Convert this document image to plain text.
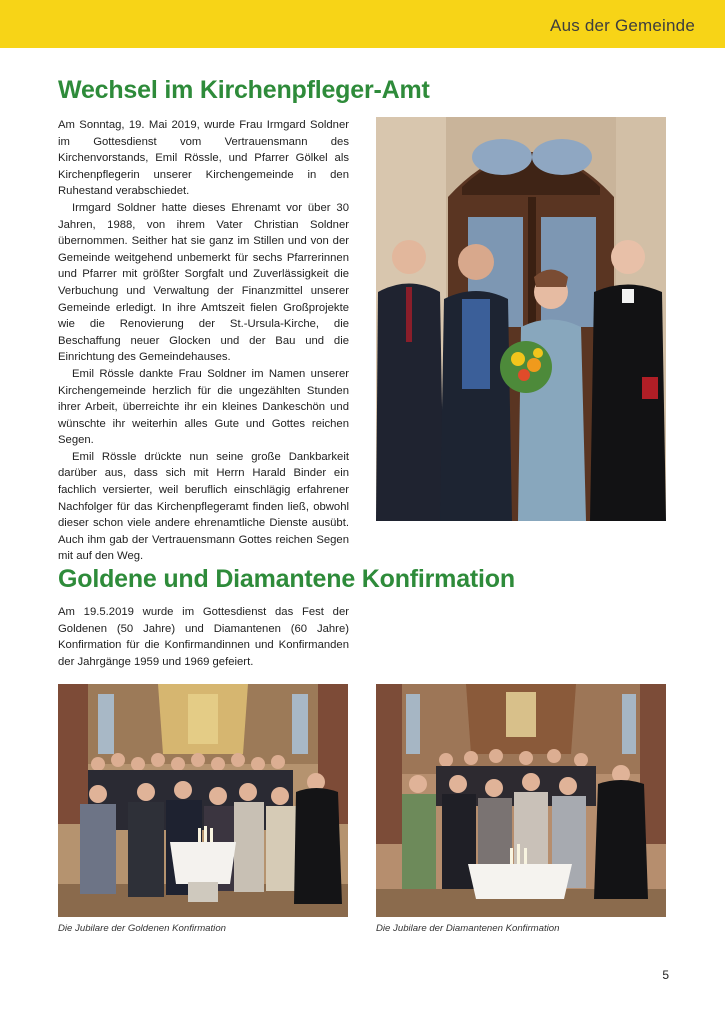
Aus der Gemeinde
Wechsel im Kirchenpfleger-Amt

Am Sonntag, 19. Mai 2019, wurde Frau Irmgard Soldner im Gottesdienst vom Vertrauensmann des Kirchenvorstands, Emil Rössle, und Pfarrer Gölkel als Kirchenpflegerin unserer Kirchengemeinde in den Ruhestand verabschiedet.

Irmgard Soldner hatte dieses Ehrenamt vor über 30 Jahren, 1988, von ihrem Vater Christian Soldner übernommen. Seither hat sie ganz im Stillen und von der Gemeinde weitgehend unbemerkt für sechs Pfarrerinnen und Pfarrer mit größter Sorgfalt und Zuverlässigkeit die Verbuchung und Verwaltung der Finanzmittel unserer Gemeinde erledigt. In ihre Amtszeit fielen Großprojekte wie die Renovierung der St.-Ursula-Kirche, die Beschaffung neuer Glocken und der Bau und die Einrichtung des Gemeindehauses.

Emil Rössle dankte Frau Soldner im Namen unserer Kirchengemeinde herzlich für die ungezählten Stunden ihrer Arbeit, überreichte ihr ein kleines Dankeschön und wünschte ihr weiterhin alles Gute und Gottes reichen Segen.

Emil Rössle drückte nun seine große Dankbarkeit darüber aus, dass sich mit Herrn Harald Binder ein fachlich versierter, weil beruflich einschlägig erfahrener Nachfolger für das Kirchenpflegeramt finden ließ, obwohl dieser schon viele andere ehrenamtliche Dienste ausübt. Auch ihm gab der Vertrauensmann Gottes reichen Segen mit auf den Weg.

Goldene und Diamantene Konfirmation

Am 19.5.2019 wurde im Gottesdienst das Fest der Goldenen (50 Jahre) und Diamantenen (60 Jahre) Konfirmation für die Konfirmandinnen und Konfirmanden der Jahrgänge 1959 und 1969 gefeiert.

Die Jubilare der Goldenen Konfirmation	Die Jubilare der Diamantenen Konfirmation
5
